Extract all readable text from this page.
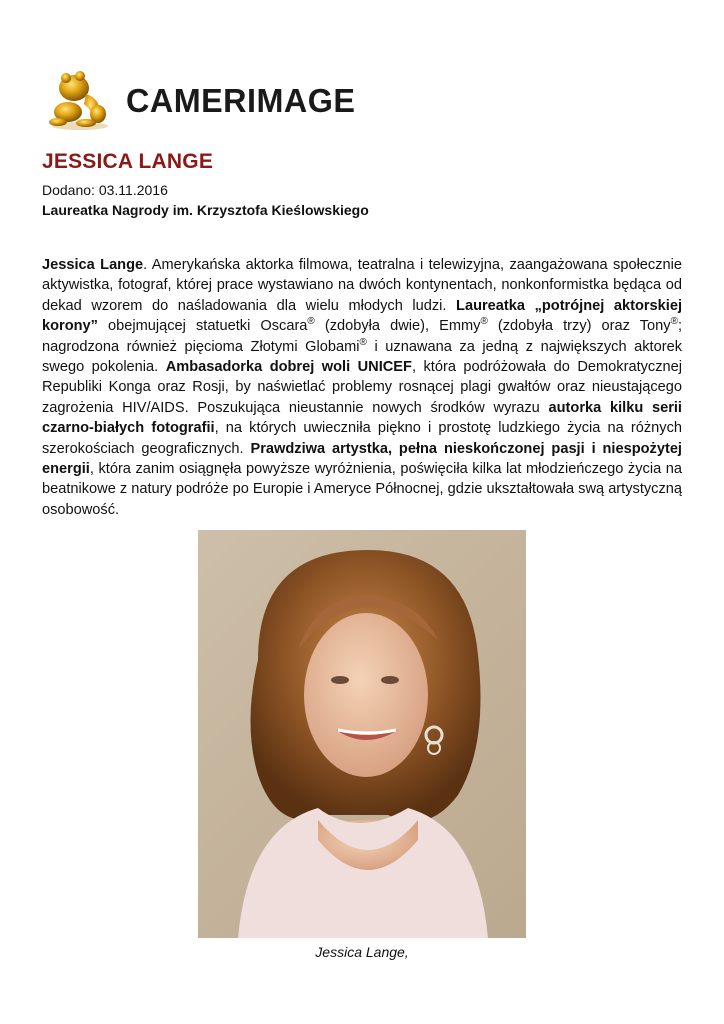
CAMERIMAGE
JESSICA LANGE
Dodano: 03.11.2016
Laureatka Nagrody im. Krzysztofa Kieślowskiego

Jessica Lange. Amerykańska aktorka filmowa, teatralna i telewizyjna, zaangażowana społecznie aktywistka, fotograf, której prace wystawiano na dwóch kontynentach, nonkonformistka będąca od dekad wzorem do naśladowania dla wielu młodych ludzi. Laureatka „potrójnej aktorskiej korony” obejmującej statuetki Oscara® (zdobyła dwie), Emmy® (zdobyła trzy) oraz Tony®; nagrodzona również pięcioma Złotymi Globami® i uznawana za jedną z największych aktorek swego pokolenia. Ambasadorka dobrej woli UNICEF, która podróżowała do Demokratycznej Republiki Konga oraz Rosji, by naświetlać problemy rosnącej plagi gwałtów oraz nieustającego zagrożenia HIV/AIDS. Poszukująca nieustannie nowych środków wyrazu autorka kilku serii czarno-białych fotografii, na których uwieczniła piękno i prostotę ludzkiego życia na różnych szerokościach geograficznych. Prawdziwa artystka, pełna nieskończonej pasji i niespożytej energii, która zanim osiągnęła powyższe wyróżnienia, poświęciła kilka lat młodzieńczego życia na beatnikowe z natury podróże po Europie i Ameryce Północnej, gdzie ukształtowała swą artystyczną osobowość.

Jessica Lange,
